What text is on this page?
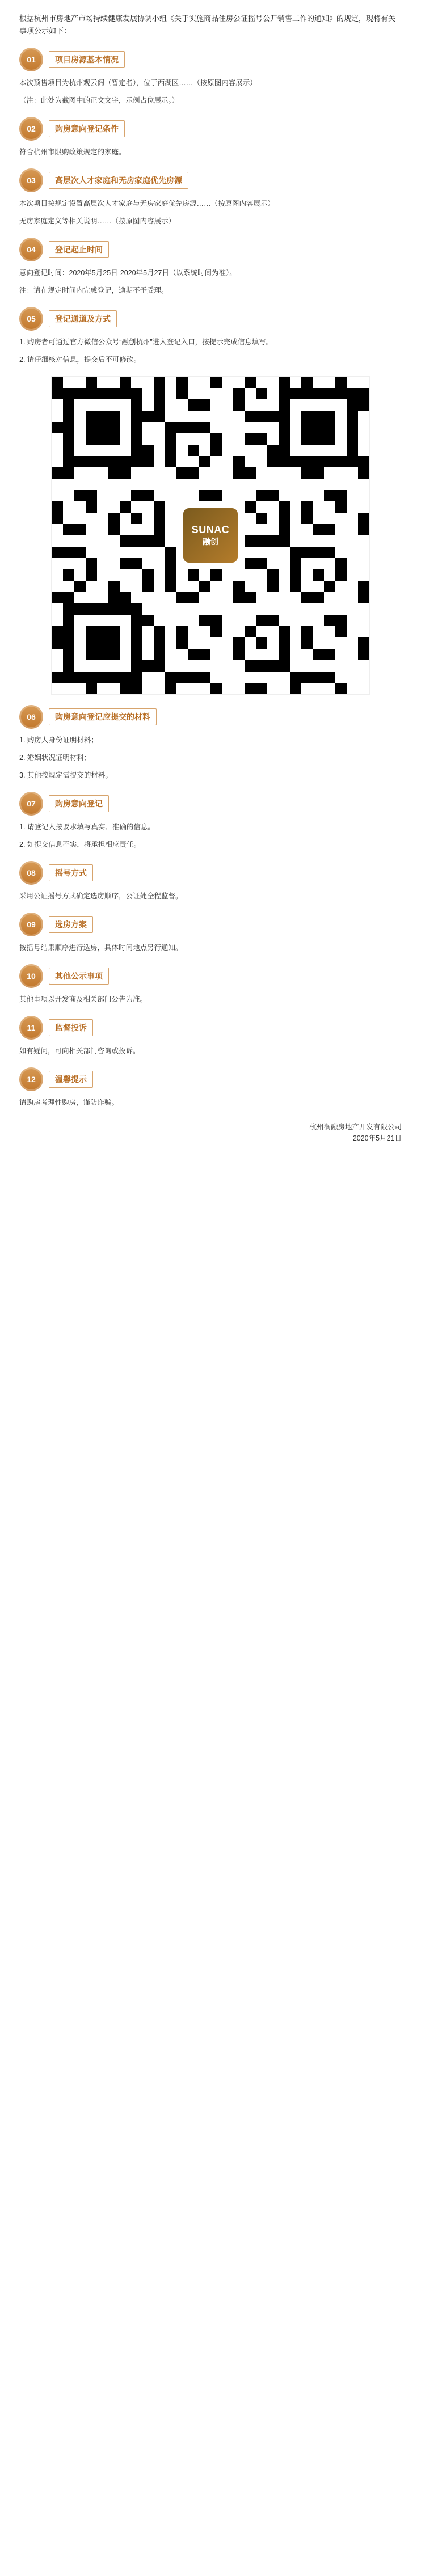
根据杭州市房地产市场持续健康发展协调小组《关于实施商品住房公证摇号公开销售工作的通知》的规定，现将有关事项公示如下：
01	项目房源基本情况
本次预售项目为杭州观云阁（暂定名），位于西湖区……（按原图内容展示）
（注：此处为截图中的正文文字，示例占位展示。）
02	购房意向登记条件
符合杭州市限购政策规定的家庭。
03	高层次人才家庭和无房家庭优先房源
本次项目按规定设置高层次人才家庭与无房家庭优先房源……（按原图内容展示）
无房家庭定义等相关说明……（按原图内容展示）
04	登记起止时间
意向登记时间：2020年5月25日-2020年5月27日（以系统时间为准）。
注：请在规定时间内完成登记，逾期不予受理。
05	登记通道及方式
1. 购房者可通过官方微信公众号“融创杭州”进入登记入口，按提示完成信息填写。
2. 请仔细核对信息，提交后不可修改。
SUNAC
融创
06	购房意向登记应提交的材料
1. 购房人身份证明材料；
2. 婚姻状况证明材料；
3. 其他按规定需提交的材料。
07	购房意向登记
1. 请登记人按要求填写真实、准确的信息。
2. 如提交信息不实，将承担相应责任。
08	摇号方式
采用公证摇号方式确定选房顺序，公证处全程监督。
09	选房方案
按摇号结果顺序进行选房，具体时间地点另行通知。
10	其他公示事项
其他事项以开发商及相关部门公告为准。
11	监督投诉
如有疑问，可向相关部门咨询或投诉。
12	温馨提示
请购房者理性购房，谨防诈骗。
杭州润融房地产开发有限公司
2020年5月21日
